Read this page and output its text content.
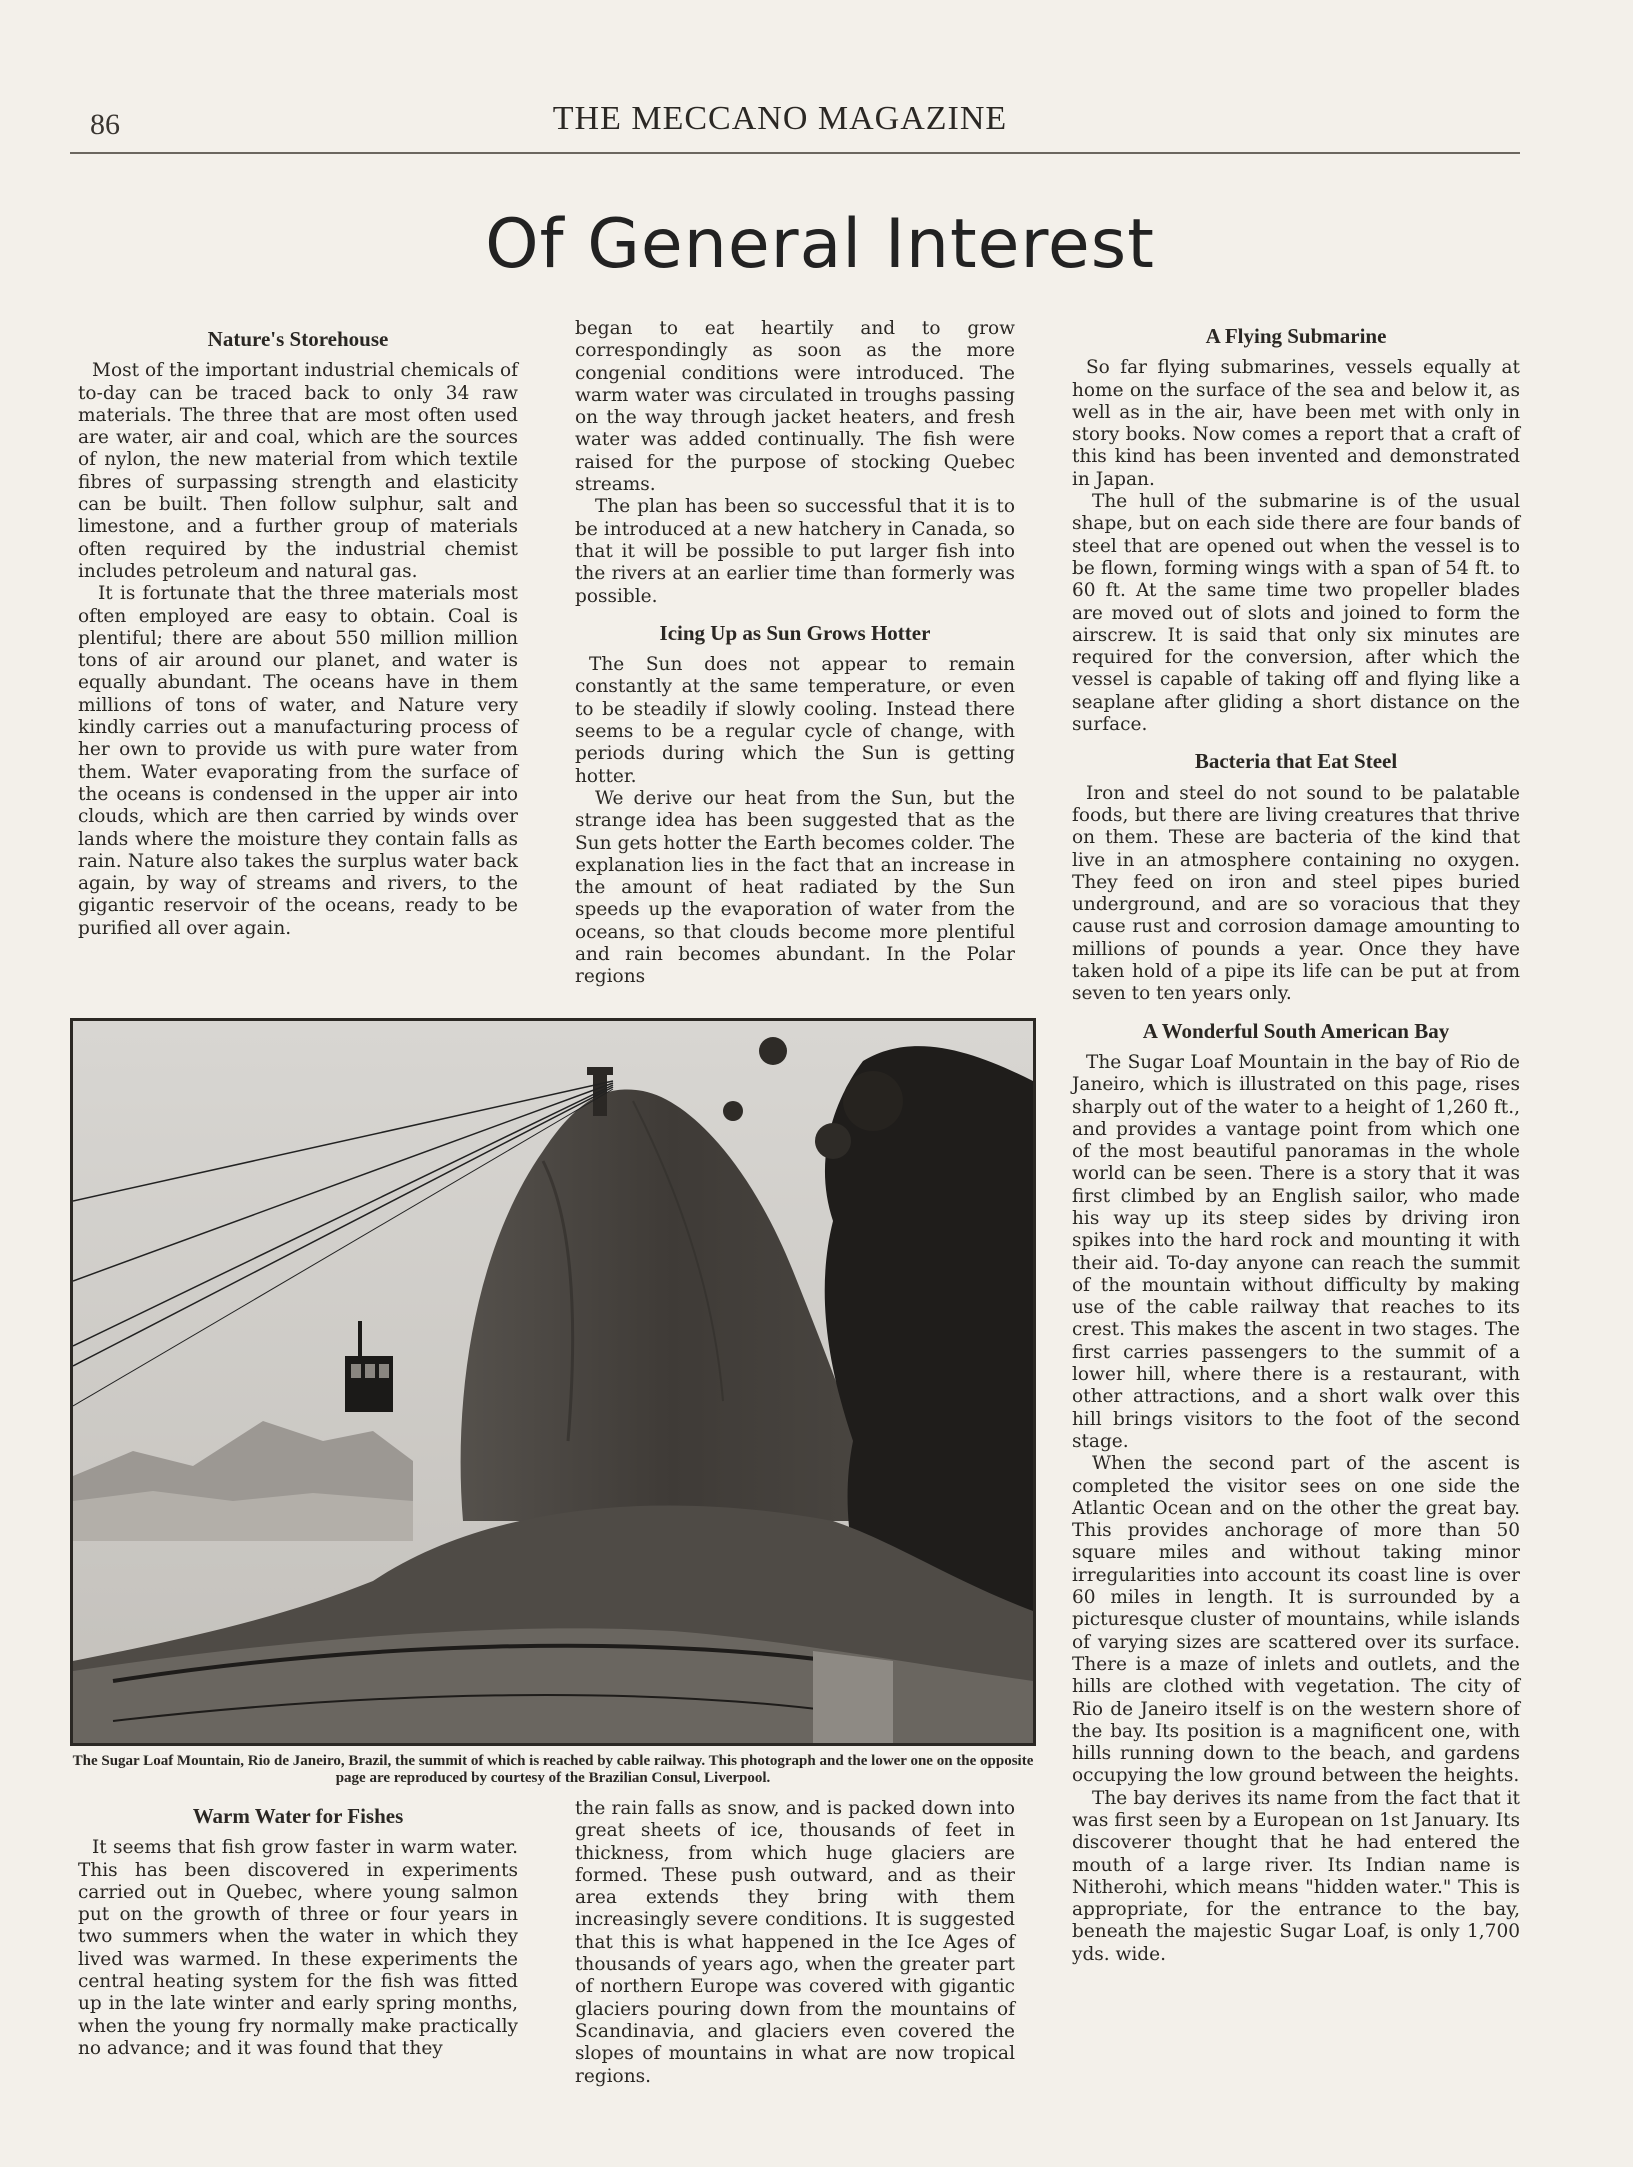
86	THE MECCANO MAGAZINE
Of General Interest
Nature's Storehouse

Most of the important industrial chemicals of to-day can be traced back to only 34 raw materials. The three that are most often used are water, air and coal, which are the sources of nylon, the new material from which textile fibres of surpassing strength and elasticity can be built. Then follow sulphur, salt and limestone, and a further group of materials often required by the industrial chemist includes petroleum and natural gas.

It is fortunate that the three materials most often employed are easy to obtain. Coal is plentiful; there are about 550 million million tons of air around our planet, and water is equally abundant. The oceans have in them millions of tons of water, and Nature very kindly carries out a manufacturing process of her own to provide us with pure water from them. Water evaporating from the surface of the oceans is condensed in the upper air into clouds, which are then carried by winds over lands where the moisture they contain falls as rain. Nature also takes the surplus water back again, by way of streams and rivers, to the gigantic reservoir of the oceans, ready to be purified all over again.

began to eat heartily and to grow correspondingly as soon as the more congenial conditions were introduced. The warm water was circulated in troughs passing on the way through jacket heaters, and fresh water was added continually. The fish were raised for the purpose of stocking Quebec streams.

The plan has been so successful that it is to be introduced at a new hatchery in Canada, so that it will be possible to put larger fish into the rivers at an earlier time than formerly was possible.

Icing Up as Sun Grows Hotter

The Sun does not appear to remain constantly at the same temperature, or even to be steadily if slowly cooling. Instead there seems to be a regular cycle of change, with periods during which the Sun is getting hotter.

We derive our heat from the Sun, but the strange idea has been suggested that as the Sun gets hotter the Earth becomes colder. The explanation lies in the fact that an increase in the amount of heat radiated by the Sun speeds up the evaporation of water from the oceans, so that clouds become more plentiful and rain becomes abundant. In the Polar regions

A Flying Submarine

So far flying submarines, vessels equally at home on the surface of the sea and below it, as well as in the air, have been met with only in story books. Now comes a report that a craft of this kind has been invented and demonstrated in Japan.

The hull of the submarine is of the usual shape, but on each side there are four bands of steel that are opened out when the vessel is to be flown, forming wings with a span of 54 ft. to 60 ft. At the same time two propeller blades are moved out of slots and joined to form the airscrew. It is said that only six minutes are required for the conversion, after which the vessel is capable of taking off and flying like a seaplane after gliding a short distance on the surface.

Bacteria that Eat Steel

Iron and steel do not sound to be palatable foods, but there are living creatures that thrive on them. These are bacteria of the kind that live in an atmosphere containing no oxygen. They feed on iron and steel pipes buried underground, and are so voracious that they cause rust and corrosion damage amounting to millions of pounds a year. Once they have taken hold of a pipe its life can be put at from seven to ten years only.

A Wonderful South American Bay

The Sugar Loaf Mountain in the bay of Rio de Janeiro, which is illustrated on this page, rises sharply out of the water to a height of 1,260 ft., and provides a vantage point from which one of the most beautiful panoramas in the whole world can be seen. There is a story that it was first climbed by an English sailor, who made his way up its steep sides by driving iron spikes into the hard rock and mounting it with their aid. To-day anyone can reach the summit of the mountain without difficulty by making use of the cable railway that reaches to its crest. This makes the ascent in two stages. The first carries passengers to the summit of a lower hill, where there is a restaurant, with other attractions, and a short walk over this hill brings visitors to the foot of the second stage.

When the second part of the ascent is completed the visitor sees on one side the Atlantic Ocean and on the other the great bay. This provides anchorage of more than 50 square miles and without taking minor irregularities into account its coast line is over 60 miles in length. It is surrounded by a picturesque cluster of mountains, while islands of varying sizes are scattered over its surface. There is a maze of inlets and outlets, and the hills are clothed with vegetation. The city of Rio de Janeiro itself is on the western shore of the bay. Its position is a magnificent one, with hills running down to the beach, and gardens occupying the low ground between the heights.

The bay derives its name from the fact that it was first seen by a European on 1st January. Its discoverer thought that he had entered the mouth of a large river. Its Indian name is Nitherohi, which means "hidden water." This is appropriate, for the entrance to the bay, beneath the majestic Sugar Loaf, is only 1,700 yds. wide.

The Sugar Loaf Mountain, Rio de Janeiro, Brazil, the summit of which is reached by cable railway. This photograph and the lower one on the opposite page are reproduced by courtesy of the Brazilian Consul, Liverpool.
Warm Water for Fishes

It seems that fish grow faster in warm water. This has been discovered in experiments carried out in Quebec, where young salmon put on the growth of three or four years in two summers when the water in which they lived was warmed. In these experiments the central heating system for the fish was fitted up in the late winter and early spring months, when the young fry normally make practically no advance; and it was found that they

the rain falls as snow, and is packed down into great sheets of ice, thousands of feet in thickness, from which huge glaciers are formed. These push outward, and as their area extends they bring with them increasingly severe conditions. It is suggested that this is what happened in the Ice Ages of thousands of years ago, when the greater part of northern Europe was covered with gigantic glaciers pouring down from the mountains of Scandinavia, and glaciers even covered the slopes of mountains in what are now tropical regions.
